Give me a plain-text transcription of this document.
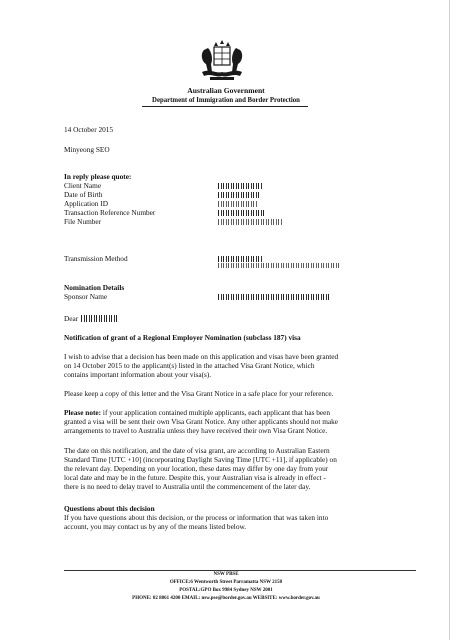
Australian Government
Department of Immigration and Border Protection
14 October 2015
Minyeong SEO
In reply please quote:
Client Name
Date of Birth
Application ID
Transaction Reference Number
File Number
Transmission Method
Nomination Details
Sponsor Name
Dear
Notification of grant of a Regional Employer Nomination (subclass 187) visa
I wish to advise that a decision has been made on this application and visas have been granted
on 14 October 2015 to the applicant(s) listed in the attached Visa Grant Notice, which
contains important information about your visa(s).
Please keep a copy of this letter and the Visa Grant Notice in a safe place for your reference.
Please note: if your application contained multiple applicants, each applicant that has been
granted a visa will be sent their own Visa Grant Notice. Any other applicants should not make
arrangements to travel to Australia unless they have received their own Visa Grant Notice.
The date on this notification, and the date of visa grant, are according to Australian Eastern
Standard Time [UTC +10] (incorporating Daylight Saving Time [UTC +11], if applicable) on
the relevant day. Depending on your location, these dates may differ by one day from your
local date and may be in the future. Despite this, your Australian visa is already in effect -
there is no need to delay travel to Australia until the commencement of the later day.
Questions about this decision
If you have questions about this decision, or the process or information that was taken into
account, you may contact us by any of the means listed below.
NSW PBSE
OFFICE:6 Wentworth Street Parramatta NSW 2150
POSTAL:GPO Box 9984 Sydney NSW 2001
PHONE: 02 8861 4200 EMAIL: nsw.pse@border.gov.au WEBSITE: www.border.gov.au
